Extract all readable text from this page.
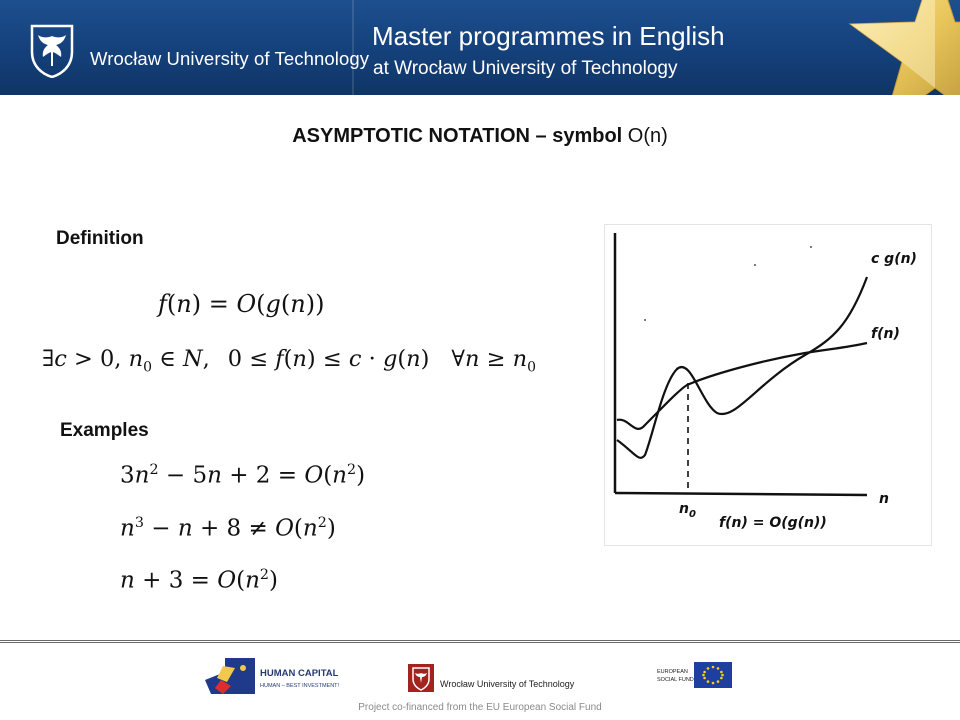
Wrocław University of Technology
Master programmes in English
at Wrocław University of Technology
ASYMPTOTIC NOTATION – symbol O(n)
Definition
f(n) = O(g(n))
∃c > 0, $n_0$ ∈ N, 0 ≤ f(n) ≤ c · g(n) ∀n ≥ $n_0$
Examples
$3n^2 - 5n + 2 = O(n^2)$
$n^3 - n + 8 \ne O(n^2)$
$n + 3 = O(n^2)$
c g(n)
f(n)
n
$n_0$
f(n) = O(g(n))
HUMAN CAPITAL
HUMAN – BEST INVESTMENT!	Wrocław University of Technology
EUROPEAN
SOCIAL FUND
Project co-financed from the EU European Social Fund
